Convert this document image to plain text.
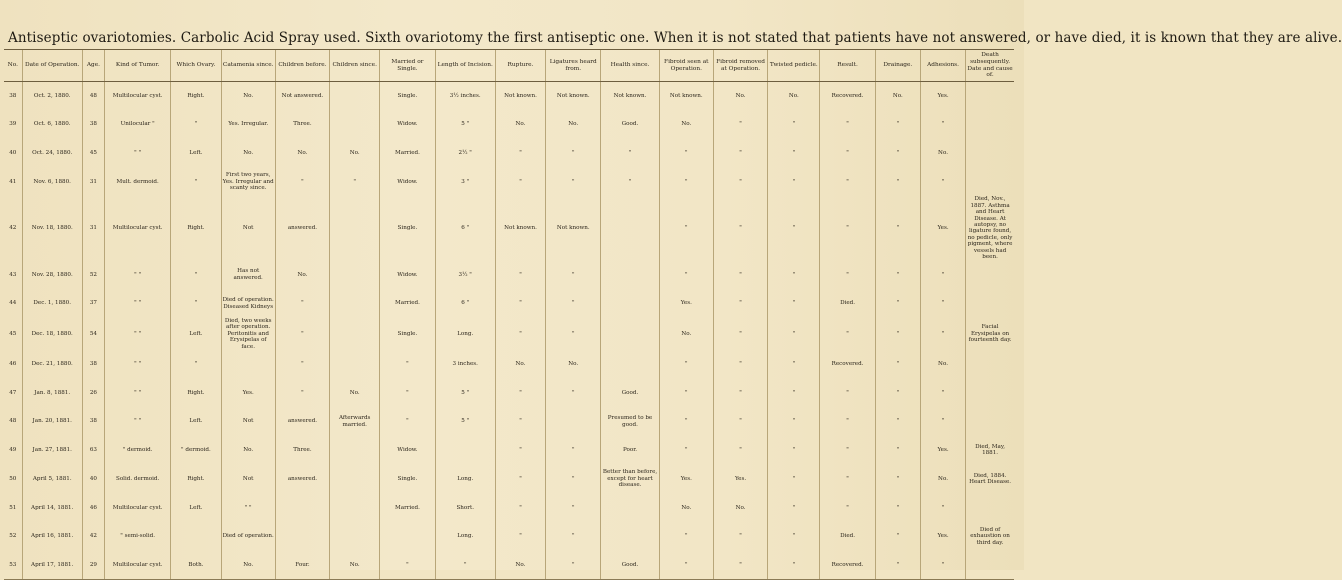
Antiseptic ovariotomies. Carbolic Acid Spray used. Sixth ovariotomy the first antiseptic one. When it is not stated that patients have not answered, or have died, it is known that they are alive.
No.	Date of Operation.	Age.	Kind of Tumor.	Which Ovary.	Catamenia since.	Children before.	Children since.	Married or Single.	Length of Incision.	Rupture.	Ligatures heard from.	Health since.	Fibroid seen at Operation.	Fibroid removed at Operation.	Twisted pedicle.	Result.	Drainage.	Adhesions.	Death subsequently. Date and cause of.
38	Oct. 2, 1880.	48	Multilocular cyst.	Right.	No.	Not answered.		Single.	3½ inches.	Not known.	Not known.	Not known.	Not known.	No.	No.	Recovered.	No.	Yes.	
39	Oct. 6, 1880.	38	Unilocular "	"	Yes. Irregular.	Three.		Widow.	5 "	No.	No.	Good.	No.	"	"	"	"	"	
40	Oct. 24, 1880.	45	" "	Left.	No.	No.	No.	Married.	2½ "	"	"	"	"	"	"	"	"	No.	
41	Nov. 6, 1880.	31	Mult. dermoid.	"	First two years, Yes. Irregular and scanty since.	"	"	Widow.	3 "	"	"	"	"	"	"	"	"	"	
42	Nov. 18, 1880.	31	Multilocular cyst.	Right.	Not	answered.		Single.	6 "	Not known.	Not known.		"	"	"	"	"	Yes.	Died, Nov., 1887. Asthma and Heart Disease. At autopsy, no ligature found, no pedicle, only pigment, where vessels had been.
43	Nov. 28, 1880.	52	" "	"	Has not answered.	No.		Widow.	3½ "	"	"		"	"	"	"	"	"	
44	Dec. 1, 1880.	37	" "	"	Died of operation. Diseased Kidneys	"		Married.	6 "	"	"		Yes.	"	"	Died.	"	"	
45	Dec. 18, 1880.	54	" "	Left.	Died, two weeks after operation. Peritonitis and Erysipelas of face.	"		Single.	Long.	"	"		No.	"	"	"	"	"	Facial Erysipelas on fourteenth day.
46	Dec. 21, 1880.	38	" "	"		"		"	3 inches.	No.	No.		"	"	"	Recovered.	"	No.	
47	Jan. 8, 1881.	26	" "	Right.	Yes.	"	No.	"	5 "	"	"	Good.	"	"	"	"	"	"	
48	Jan. 20, 1881.	38	" "	Left.	Not	answered.	Afterwards married.	"	5 "	"		Presumed to be good.	"	"	"	"	"	"	
49	Jan. 27, 1881.	63	" dermoid.	" dermoid.	No.	Three.		Widow.		"	"	Poor.	"	"	"	"	"	Yes.	Died, May, 1881.
50	April 5, 1881.	40	Solid. dermoid.	Right.	Not	answered.		Single.	Long.	"	"	Better than before, except for heart disease.	Yes.	Yes.	"	"	"	No.	Died, 1884. Heart Disease.
51	April 14, 1881.	46	Multilocular cyst.	Left.	" "			Married.	Short.	"	"		No.	No.	"	"	"	"	
52	April 16, 1881.	42	" semi-solid.		Died of operation.				Long.	"	"		"	"	"	Died.	"	Yes.	Died of exhaustion on third day.
53	April 17, 1881.	29	Multilocular cyst.	Both.	No.	Four.	No.	"	"	No.	"	Good.	"	"	"	Recovered.	"	"	
